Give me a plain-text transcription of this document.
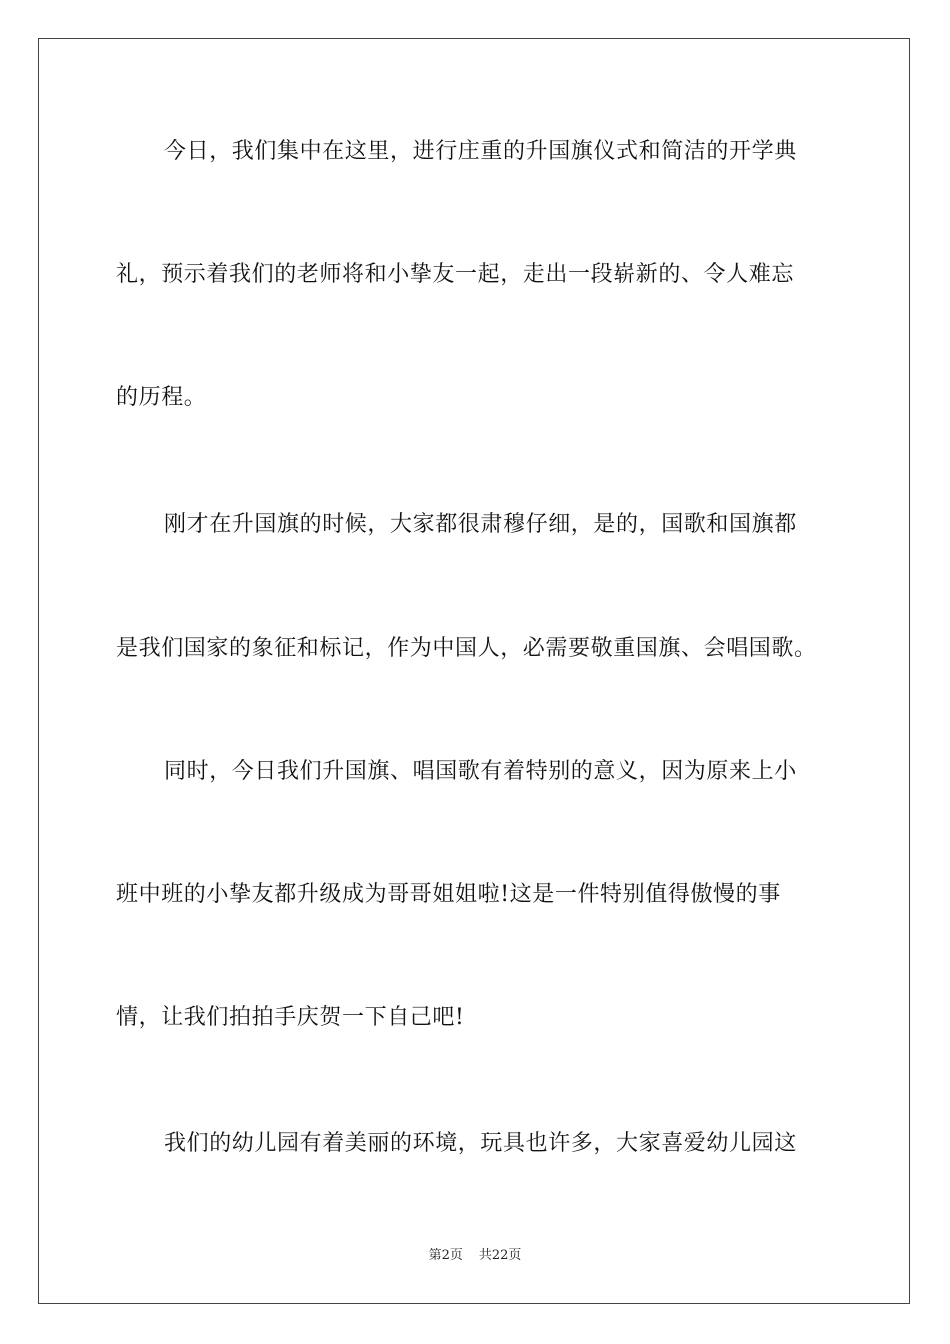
今日，我们集中在这里，进行庄重的升国旗仪式和简洁的开学典
礼，预示着我们的老师将和小挚友一起，走出一段崭新的、令人难忘
的历程。
刚才在升国旗的时候，大家都很肃穆仔细，是的，国歌和国旗都
是我们国家的象征和标记，作为中国人，必需要敬重国旗、会唱国歌。
同时，今日我们升国旗、唱国歌有着特别的意义，因为原来上小
班中班的小挚友都升级成为哥哥姐姐啦!这是一件特别值得傲慢的事
情，让我们拍拍手庆贺一下自己吧!
我们的幼儿园有着美丽的环境，玩具也许多，大家喜爱幼儿园这
第2页 共22页
